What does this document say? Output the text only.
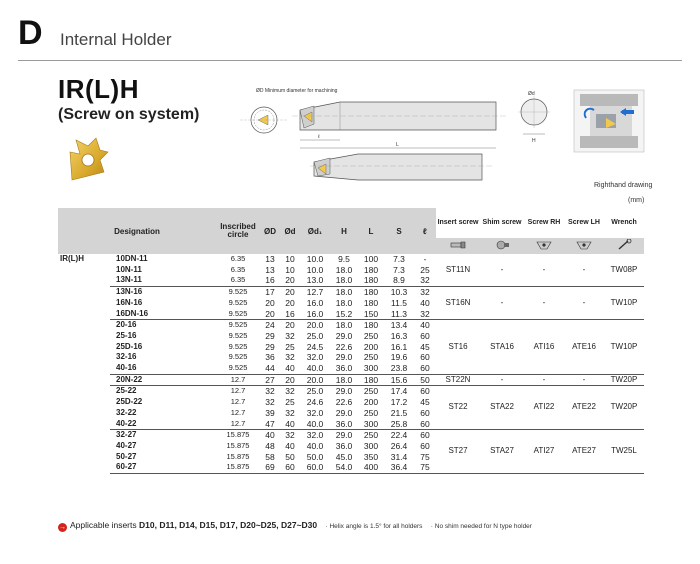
D Internal Holder
IR(L)H
(Screw on system)
ℓ
L
H
Ød
ØD Minimum diameter for machining
Righthand drawing
(mm)
Designation		Inscribed circle	ØD	Ød	Ød₁	H	L	S	ℓ	Insert screw	Shim screw	Screw RH	Screw LH	Wrench

IR(L)H	10DN-11	6.35	13	10	10.0	9.5	100	7.3	-	ST11N	-	-	-	TW08P
	10N-11	6.35	13	10	10.0	18.0	180	7.3	25					
	13N-11	6.35	16	20	13.0	18.0	180	8.9	32					
	13N-16	9.525	17	20	12.7	18.0	180	10.3	32	ST16N	-	-	-	TW10P
	16N-16	9.525	20	20	16.0	18.0	180	11.5	40					
	16DN-16	9.525	20	16	16.0	15.2	150	11.3	32					
	20-16	9.525	24	20	20.0	18.0	180	13.4	40	ST16	STA16	ATI16	ATE16	TW10P
	25-16	9.525	29	32	25.0	29.0	250	16.3	60					
	25D-16	9.525	29	25	24.5	22.6	200	16.1	45					
	32-16	9.525	36	32	32.0	29.0	250	19.6	60					
	40-16	9.525	44	40	40.0	36.0	300	23.8	60					
	20N-22	12.7	27	20	20.0	18.0	180	15.6	50	ST22N	-	-	-	TW20P
	25-22	12.7	32	32	25.0	29.0	250	17.4	60	ST22	STA22	ATI22	ATE22	TW20P
	25D-22	12.7	32	25	24.6	22.6	200	17.2	45					
	32-22	12.7	39	32	32.0	29.0	250	21.5	60					
	40-22	12.7	47	40	40.0	36.0	300	25.8	60					
	32-27	15.875	40	32	32.0	29.0	250	22.4	60	ST27	STA27	ATI27	ATE27	TW25L
	40-27	15.875	48	40	40.0	36.0	300	26.4	60					
	50-27	15.875	58	50	50.0	45.0	350	31.4	75					
	60-27	15.875	69	60	60.0	54.0	400	36.4	75					
→ Applicable inserts D10, D11, D14, D15, D17, D20~D25, D27~D30 · Helix angle is 1.5° for all holders · No shim needed for N type holder
